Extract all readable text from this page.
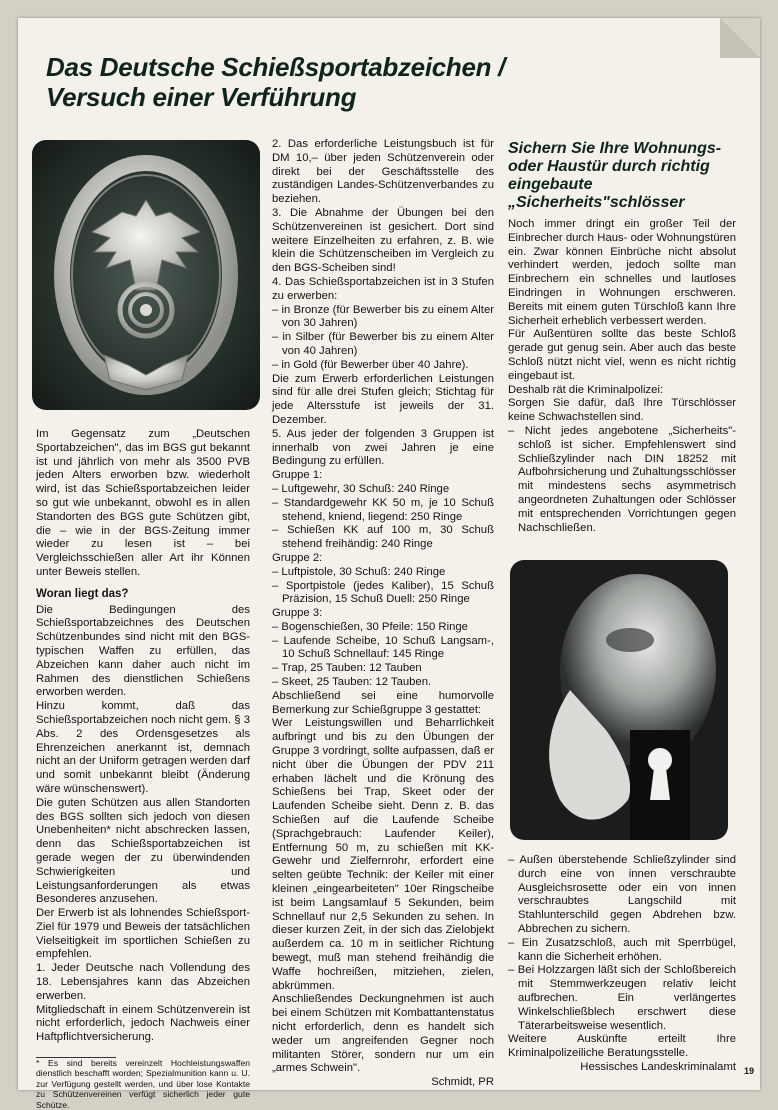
Das Deutsche Schießsportabzeichen /
Versuch einer Verführung

Im Gegensatz zum „Deutschen Sportabzeichen", das im BGS gut bekannt ist und jährlich von mehr als 3500 PVB jeden Alters erworben bzw. wiederholt wird, ist das Schießsportabzeichen leider so gut wie unbekannt, obwohl es in allen Standorten des BGS gute Schützen gibt, die – wie in der BGS-Zeitung immer wieder zu lesen ist – bei Vergleichsschießen aller Art ihr Können unter Beweis stellen.

Woran liegt das?

Die Bedingungen des Schießsportabzeichnes des Deutschen Schützenbundes sind nicht mit den BGS-typischen Waffen zu erfüllen, das Abzeichen kann daher auch nicht im Rahmen des dienstlichen Schießens erworben werden.

Hinzu kommt, daß das Schießsportabzeichen noch nicht gem. § 3 Abs. 2 des Ordensgesetzes als Ehrenzeichen anerkannt ist, demnach nicht an der Uniform getragen werden darf und somit unbekannt bleibt (Änderung wäre wünschenswert).

Die guten Schützen aus allen Standorten des BGS sollten sich jedoch von diesen Unebenheiten* nicht abschrecken lassen, denn das Schießsportabzeichen ist gerade wegen der zu überwindenden Schwierigkeiten und Leistungsanforderungen als etwas Besonderes anzusehen.

Der Erwerb ist als lohnendes Schießsport-Ziel für 1979 und Beweis der tatsächlichen Vielseitigkeit im sportlichen Schießen zu empfehlen.

1. Jeder Deutsche nach Vollendung des 18. Lebensjahres kann das Abzeichen erwerben.

Mitgliedschaft in einem Schützenverein ist nicht erforderlich, jedoch Nachweis einer Haftpflichtversicherung.

* Es sind bereits vereinzelt Hochleistungswaffen dienstlich beschafft worden; Spezialmunition kann u. U. zur Verfügung gestellt werden, und über lose Kontakte zu Schützenvereinen verfügt sicherlich jeder gute Schütze.

2. Das erforderliche Leistungsbuch ist für DM 10,– über jeden Schützenverein oder direkt bei der Geschäftsstelle des zuständigen Landes-Schützenverbandes zu beziehen.

3. Die Abnahme der Übungen bei den Schützenvereinen ist gesichert. Dort sind weitere Einzelheiten zu erfahren, z. B. wie klein die Schützenscheiben im Vergleich zu den BGS-Scheiben sind!

4. Das Schießsportabzeichen ist in 3 Stufen zu erwerben:

– in Bronze (für Bewerber bis zu einem Alter von 30 Jahren)

– in Silber (für Bewerber bis zu einem Alter von 40 Jahren)

– in Gold (für Bewerber über 40 Jahre).

Die zum Erwerb erforderlichen Leistungen sind für alle drei Stufen gleich; Stichtag für jede Altersstufe ist jeweils der 31. Dezember.

5. Aus jeder der folgenden 3 Gruppen ist innerhalb von zwei Jahren je eine Bedingung zu erfüllen.

Gruppe 1:

– Luftgewehr, 30 Schuß: 240 Ringe

– Standardgewehr KK 50 m, je 10 Schuß stehend, kniend, liegend: 250 Ringe

– Schießen KK auf 100 m, 30 Schuß stehend freihändig: 240 Ringe

Gruppe 2:

– Luftpistole, 30 Schuß: 240 Ringe

– Sportpistole (jedes Kaliber), 15 Schuß Präzision, 15 Schuß Duell: 250 Ringe

Gruppe 3:

– Bogenschießen, 30 Pfeile: 150 Ringe

– Laufende Scheibe, 10 Schuß Langsam-, 10 Schuß Schnellauf: 145 Ringe

– Trap, 25 Tauben: 12 Tauben

– Skeet, 25 Tauben: 12 Tauben.

Abschließend sei eine humorvolle Bemerkung zur Schießgruppe 3 gestattet:

Wer Leistungswillen und Beharrlichkeit aufbringt und bis zu den Übungen der Gruppe 3 vordringt, sollte aufpassen, daß er nicht über die Übungen der PDV 211 erhaben lächelt und die Krönung des Schießens bei Trap, Skeet oder der Laufenden Scheibe sieht. Denn z. B. das Schießen auf die Laufende Scheibe (Sprachgebrauch: Laufender Keiler), Entfernung 50 m, zu schießen mit KK-Gewehr und Zielfernrohr, erfordert eine selten geübte Technik: der Keiler mit einer kleinen „eingearbeiteten" 10er Ringscheibe ist beim Langsamlauf 5 Sekunden, beim Schnellauf nur 2,5 Sekunden zu sehen. In dieser kurzen Zeit, in der sich das Zielobjekt außerdem ca. 10 m in seitlicher Richtung bewegt, muß man stehend freihändig die Waffe hochreißen, mitziehen, zielen, abkrümmen.

Anschließendes Deckungnehmen ist auch bei einem Schützen mit Kombattantenstatus nicht erforderlich, denn es handelt sich weder um angreifenden Gegner noch militanten Störer, sondern nur um ein „armes Schwein".

Schmidt, PR

Sichern Sie Ihre Wohnungs- oder Haustür durch richtig eingebaute „Sicherheits"schlösser

Noch immer dringt ein großer Teil der Einbrecher durch Haus- oder Wohnungstüren ein. Zwar können Einbrüche nicht absolut verhindert werden, jedoch sollte man Einbrechern ein schnelles und lautloses Eindringen in Wohnungen erschweren. Bereits mit einem guten Türschloß kann Ihre Sicherheit erheblich verbessert werden.

Für Außentüren sollte das beste Schloß gerade gut genug sein. Aber auch das beste Schloß nützt nicht viel, wenn es nicht richtig eingebaut ist.

Deshalb rät die Kriminalpolizei:

Sorgen Sie dafür, daß Ihre Türschlösser keine Schwachstellen sind.

– Nicht jedes angebotene „Sicherheits"-schloß ist sicher. Empfehlenswert sind Schließzylinder nach DIN 18252 mit Aufbohrsicherung und Zuhaltungsschlösser mit mindestens sechs asymmetrisch angeordneten Zuhaltungen oder Schlösser mit entsprechenden Vorrichtungen gegen Nachschließen.

– Außen überstehende Schließzylinder sind durch eine von innen verschraubte Ausgleichsrosette oder ein von innen verschraubtes Langschild mit Stahlunterschild gegen Abdrehen bzw. Abbrechen zu sichern.

– Ein Zusatzschloß, auch mit Sperrbügel, kann die Sicherheit erhöhen.

– Bei Holzzargen läßt sich der Schloßbereich mit Stemmwerkzeugen relativ leicht aufbrechen. Ein verlängertes Winkelschließblech erschwert diese Täterarbeitsweise wesentlich.

Weitere Auskünfte erteilt Ihre Kriminalpolizeiliche Beratungsstelle.

Hessisches Landeskriminalamt 19
